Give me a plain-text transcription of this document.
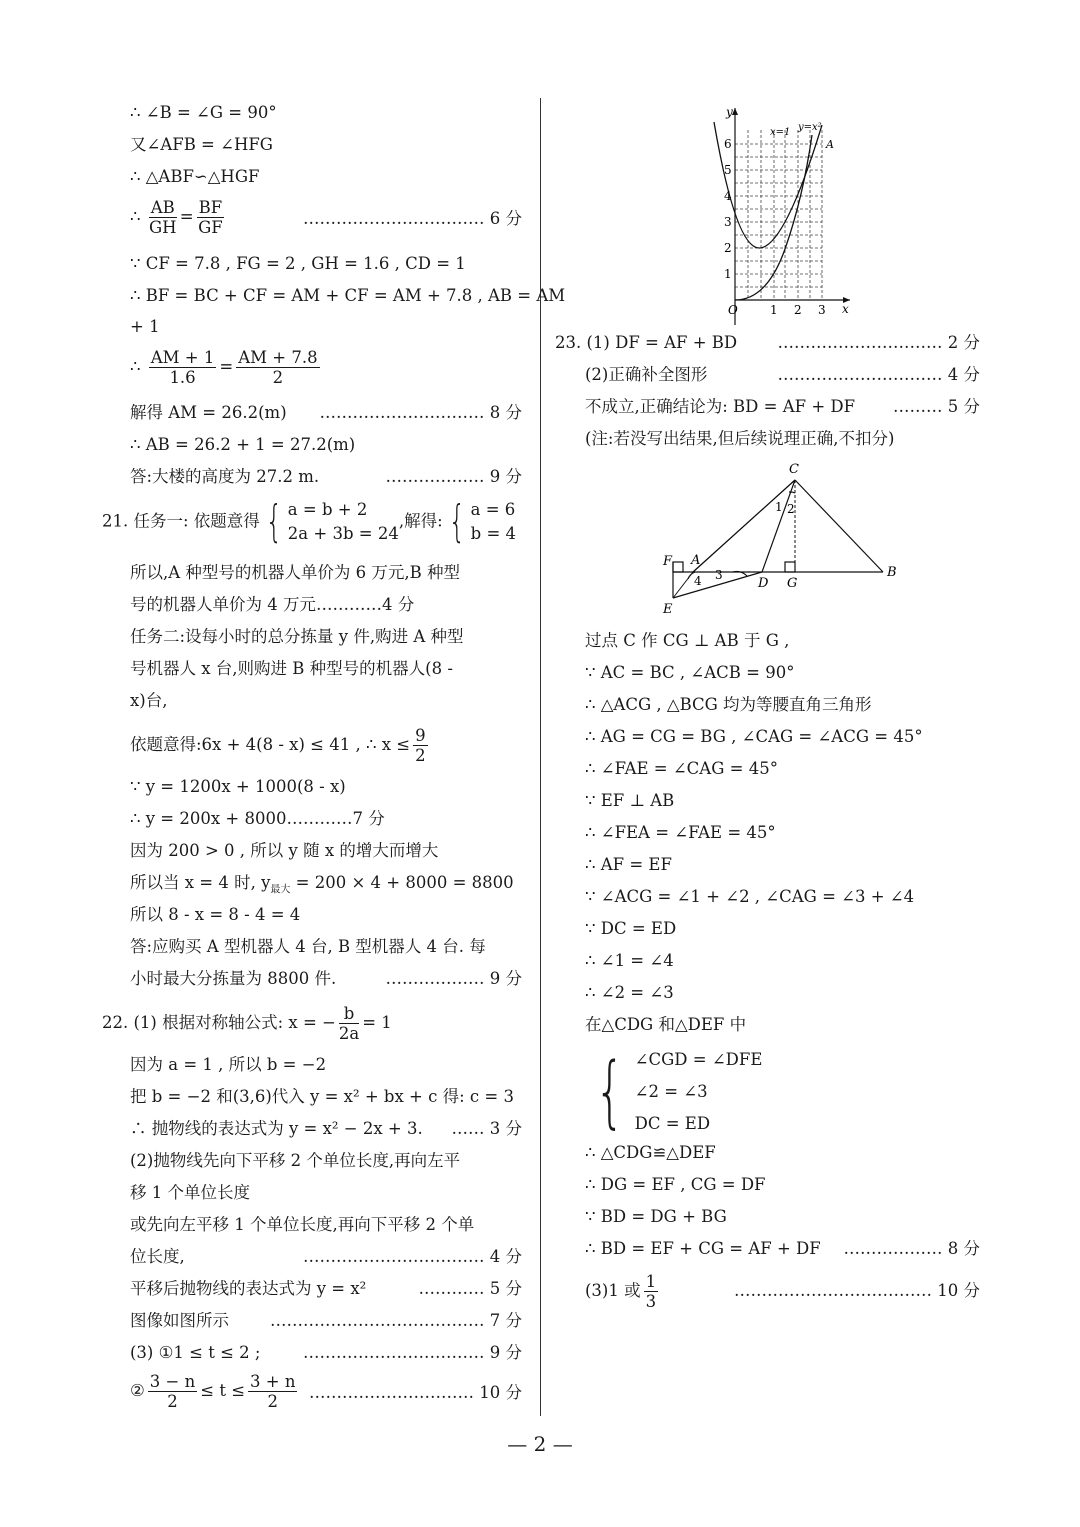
∴ ∠B = ∠G = 90°
又∠AFB = ∠HFG
∴ △ABF∽△HGF
∴ $\frac{AB}{GH} = \frac{BF}{GF}$	…………………………… 6 分
∵ CF = 7.8 , FG = 2 , GH = 1.6 , CD = 1
∴ BF = BC + CF = AM + CF = AM + 7.8 , AB = AM
+ 1
∴ $\frac{AM + 1}{1.6} = \frac{AM + 7.8}{2}$
解得 AM = 26.2(m) ………………………… 8 分
∴ AB = 26.2 + 1 = 27.2(m)
答:大楼的高度为 27.2 m.	……………… 9 分
21. 任务一: 依题意得 { a = b + 2
2a + 3b = 24
,解得: { a = 6
b = 4
所以,A 种型号的机器人单价为 6 万元,B 种型
号的机器人单价为 4 万元…………4 分
任务二:设每小时的总分拣量 y 件,购进 A 种型
号机器人 x 台,则购进 B 种型号的机器人(8 -
x)台,
依题意得:6x + 4(8 - x) ≤ 41 , ∴ $x \le \frac{9}{2}$
∵ y = 1200x + 1000(8 - x)
∴ y = 200x + 8000…………7 分
因为 200 > 0 , 所以 y 随 x 的增大而增大
所以当 x = 4 时, $y_{最大} = 200 \times 4 + 8000 = 8800$
所以 8 - x = 8 - 4 = 4
答:应购买 A 型机器人 4 台, B 型机器人 4 台. 每
小时最大分拣量为 8800 件.	……………… 9 分
22. (1) 根据对称轴公式: x = − $\frac{b}{2a} = 1$
因为 a = 1 , 所以 b = −2
把 b = −2 和(3,6)代入 y = x² + bx + c 得: c = 3
∴ 抛物线的表达式为 y = x² − 2x + 3. …… 3 分
(2)抛物线先向下平移 2 个单位长度,再向左平
移 1 个单位长度
或先向左平移 1 个单位长度,再向下平移 2 个单
位长度,	…………………………… 4 分
平移后抛物线的表达式为 y = x²	………… 5 分
图像如图所示 ………………………………… 7 分
(3) ①1 ≤ t ≤ 2 ;	…………………………… 9 分
② $\frac{3 - n}{2} \le t \le \frac{3 + n}{2}$ ………………………… 10 分
y
x
O
x=1 y=x²
A
1
2
3
4
5
6
1 2 3
23. (1) DF = AF + BD ………………………… 2 分
(2)正确补全图形	………………………… 4 分
不成立,正确结论为: BD = AF + DF ……… 5 分
(注:若没写出结果,但后续说理正确,不扣分)
过点 C 作 CG ⊥ AB 于 G ,
∵ AC = BC , ∠ACB = 90°
∴ △ACG , △BCG 均为等腰直角三角形
∴ AG = CG = BG , ∠CAG = ∠ACG = 45°
∴ ∠FAE = ∠CAG = 45°
∵ EF ⊥ AB
∴ ∠FEA = ∠FAE = 45°
∴ AF = EF
∵ ∠ACG = ∠1 + ∠2 , ∠CAG = ∠3 + ∠4
∵ DC = ED
∴ ∠1 = ∠4
∴ ∠2 = ∠3
在△CDG 和△DEF 中
{ ∠CGD = ∠DFE
∠2 = ∠3
DC = ED
∴ △CDG≌△DEF
∴ DG = EF , CG = DF
∵ BD = DG + BG
∴ BD = EF + CG = AF + DF ……………… 8 分
(3)1 或 $\frac{1}{3}$	……………………………… 10 分
C
F A
D G
B
E
1 2
3
4
— 2 —
